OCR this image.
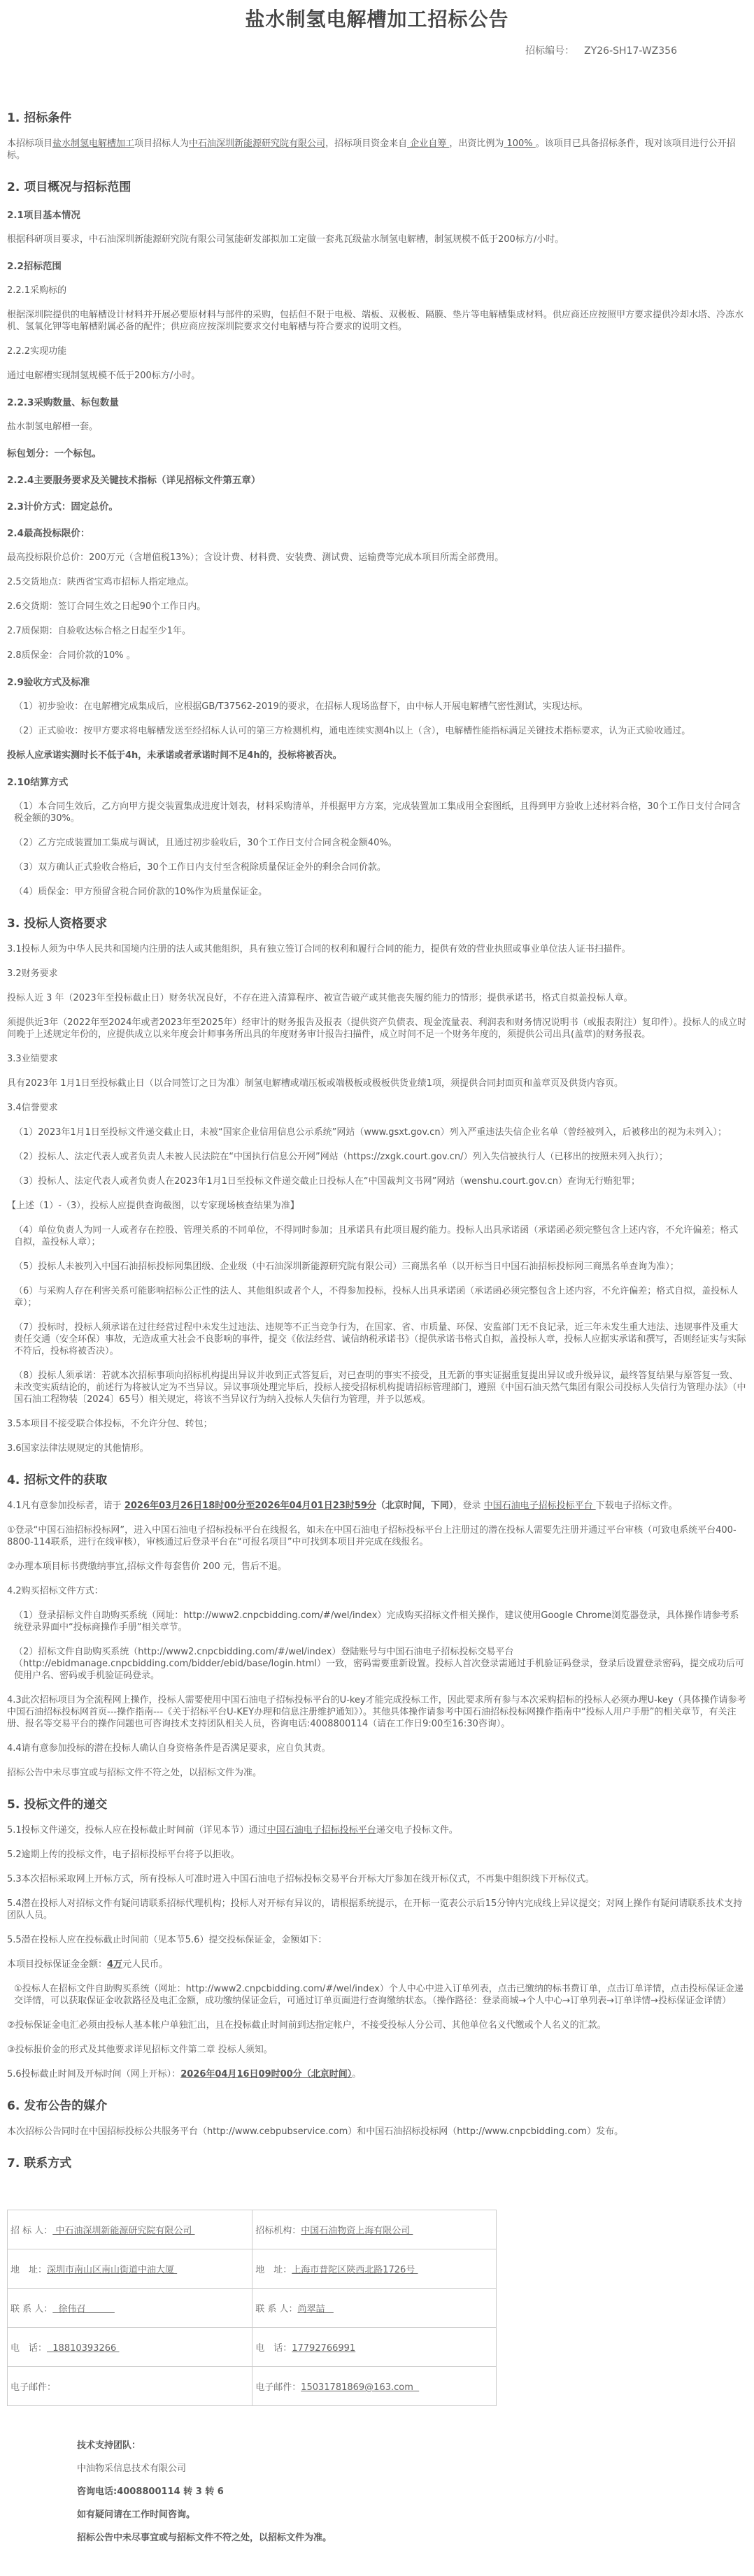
盐水制氢电解槽加工招标公告
招标编号： ZY26-SH17-WZ356
1. 招标条件

本招标项目盐水制氢电解槽加工项目招标人为中石油深圳新能源研究院有限公司，招标项目资金来自 企业自筹 ，出资比例为 100% 。该项目已具备招标条件，现对该项目进行公开招标。

2. 项目概况与招标范围
2.1项目基本情况

根据科研项目要求，中石油深圳新能源研究院有限公司氢能研发部拟加工定做一套兆瓦级盐水制氢电解槽，制氢规模不低于200标方/小时。

2.2招标范围

2.2.1采购标的

根据深圳院提供的电解槽设计材料并开展必要原材料与部件的采购，包括但不限于电极、端板、双极板、隔膜、垫片等电解槽集成材料。供应商还应按照甲方要求提供冷却水塔、冷冻水机、氢氧化钾等电解槽附属必备的配件；供应商应按深圳院要求交付电解槽与符合要求的说明文档。

2.2.2实现功能

通过电解槽实现制氢规模不低于200标方/小时。

2.2.3采购数量、标包数量

盐水制氢电解槽一套。

标包划分：一个标包。
2.2.4主要服务要求及关键技术指标（详见招标文件第五章）
2.3计价方式：固定总价。
2.4最高投标限价：

最高投标限价总价：200万元（含增值税13%）；含设计费、材料费、安装费、测试费、运输费等完成本项目所需全部费用。

2.5交货地点：陕西省宝鸡市招标人指定地点。

2.6交货期：签订合同生效之日起90个工作日内。

2.7质保期：自验收达标合格之日起至少1年。

2.8质保金：合同价款的10% 。

2.9验收方式及标准

（1）初步验收：在电解槽完成集成后，应根据GB/T37562-2019的要求，在招标人现场监督下，由中标人开展电解槽气密性测试，实现达标。

（2）正式验收：按甲方要求将电解槽发送至经招标人认可的第三方检测机构，通电连续实测4h以上（含），电解槽性能指标满足关键技术指标要求，认为正式验收通过。

投标人应承诺实测时长不低于4h，未承诺或者承诺时间不足4h的，投标将被否决。

2.10结算方式

（1）本合同生效后，乙方向甲方提交装置集成进度计划表，材料采购清单，并根据甲方方案，完成装置加工集成用全套图纸，且得到甲方验收上述材料合格，30个工作日支付合同含税金额的30%。

（2）乙方完成装置加工集成与调试，且通过初步验收后，30个工作日支付合同含税金额40%。

（3）双方确认正式验收合格后，30个工作日内支付至含税除质量保证金外的剩余合同价款。

（4）质保金：甲方预留含税合同价款的10%作为质量保证金。

3. 投标人资格要求

3.1投标人须为中华人民共和国境内注册的法人或其他组织，具有独立签订合同的权利和履行合同的能力，提供有效的营业执照或事业单位法人证书扫描件。

3.2财务要求

投标人近 3 年（2023年至投标截止日）财务状况良好，不存在进入清算程序、被宣告破产或其他丧失履约能力的情形；提供承诺书，格式自拟盖投标人章。

须提供近3年（2022年至2024年或者2023年至2025年）经审计的财务报告及报表（提供资产负债表、现金流量表、利润表和财务情况说明书（或报表附注）复印件）。投标人的成立时间晚于上述规定年份的，应提供成立以来年度会计师事务所出具的年度财务审计报告扫描件，成立时间不足一个财务年度的，须提供公司出具(盖章)的财务报表。

3.3业绩要求

具有2023年 1月1日至投标截止日（以合同签订之日为准）制氢电解槽或端压板或端极板或极板供货业绩1项，须提供合同封面页和盖章页及供货内容页。

3.4信誉要求

（1）2023年1月1日至投标文件递交截止日，未被“国家企业信用信息公示系统”网站（www.gsxt.gov.cn）列入严重违法失信企业名单（曾经被列入，后被移出的视为未列入）；

（2）投标人、法定代表人或者负责人未被人民法院在“中国执行信息公开网”网站（https://zxgk.court.gov.cn/）列入失信被执行人（已移出的按照未列入执行）；

（3）投标人、法定代表人或者负责人在2023年1月1日至投标文件递交截止日投标人在“中国裁判文书网”网站（wenshu.court.gov.cn）查询无行贿犯罪；

【上述（1）-（3），投标人应提供查询截图，以专家现场核查结果为准】

（4）单位负责人为同一人或者存在控股、管理关系的不同单位，不得同时参加；且承诺具有此项目履约能力。投标人出具承诺函（承诺函必须完整包含上述内容，不允许偏差；格式自拟，盖投标人章）；

（5）投标人未被列入中国石油招标投标网集团级、企业级（中石油深圳新能源研究院有限公司）三商黑名单（以开标当日中国石油招标投标网三商黑名单查询为准）；

（6）与采购人存在利害关系可能影响招标公正性的法人、其他组织或者个人，不得参加投标，投标人出具承诺函（承诺函必须完整包含上述内容，不允许偏差；格式自拟，盖投标人章）；

（7）投标时，投标人须承诺在过往经营过程中未发生过违法、违规等不正当竞争行为，在国家、省、市质量、环保、安监部门无不良记录，近三年未发生重大违法、违规事件及重大责任交通（安全环保）事故，无造成重大社会不良影响的事件，提交《依法经营、诚信纳税承诺书》（提供承诺书格式自拟，盖投标人章，投标人应据实承诺和撰写，否则经证实与实际不符后，投标将被否决）。

（8）投标人须承诺：若就本次招标事项向招标机构提出异议并收到正式答复后，对已查明的事实不接受，且无新的事实证据重复提出异议或升级异议，最终答复结果与原答复一致、未改变实质结论的，前述行为将被认定为不当异议。异议事项处理完毕后，投标人接受招标机构提请招标管理部门，遵照《中国石油天然气集团有限公司投标人失信行为管理办法》（中国石油工程物装〔2024〕65号）相关规定，将该不当异议行为纳入投标人失信行为管理，并予以惩戒。

3.5本项目不接受联合体投标，不允许分包、转包；

3.6国家法律法规规定的其他情形。

4. 招标文件的获取

4.1凡有意参加投标者，请于 2026年03月26日18时00分至2026年04月01日23时59分（北京时间，下同），登录 中国石油电子招标投标平台 下载电子招标文件。

①登录“中国石油招标投标网”，进入中国石油电子招标投标平台在线报名，如未在中国石油电子招标投标平台上注册过的潜在投标人需要先注册并通过平台审核（可致电系统平台400-8800-114联系，进行在线审核），审核通过后登录平台在“可报名项目”中可找到本项目并完成在线报名。

②办理本项目标书费缴纳事宜,招标文件每套售价 200 元，售后不退。

4.2购买招标文件方式：

（1）登录招标文件自助购买系统（网址：http://www2.cnpcbidding.com/#/wel/index）完成购买招标文件相关操作，建议使用Google Chrome浏览器登录，具体操作请参考系统登录界面中“投标商操作手册”相关章节。

（2）招标文件自助购买系统（http://www2.cnpcbidding.com/#/wel/index）登陆账号与中国石油电子招标投标交易平台（http://ebidmanage.cnpcbidding.com/bidder/ebid/base/login.html）一致，密码需要重新设置。投标人首次登录需通过手机验证码登录，登录后设置登录密码，提交成功后可使用户名、密码或手机验证码登录。

4.3此次招标项目为全流程网上操作，投标人需要使用中国石油电子招标投标平台的U-key才能完成投标工作，因此要求所有参与本次采购招标的投标人必须办理U-key（具体操作请参考中国石油招标投标网首页---操作指南---《关于招标平台U-KEY办理和信息注册维护通知》）。其他具体操作请参考中国石油招标投标网操作指南中“投标人用户手册”的相关章节，有关注册、报名等交易平台的操作问题也可咨询技术支持团队相关人员，咨询电话:4008800114（请在工作日9:00至16:30咨询）。

4.4请有意参加投标的潜在投标人确认自身资格条件是否满足要求，应自负其责。

招标公告中未尽事宜或与招标文件不符之处，以招标文件为准。

5. 投标文件的递交

5.1投标文件递交，投标人应在投标截止时间前（详见本节）通过中国石油电子招标投标平台递交电子投标文件。

5.2逾期上传的投标文件，电子招标投标平台将予以拒收。

5.3本次招标采取网上开标方式，所有投标人可准时进入中国石油电子招标投标交易平台开标大厅参加在线开标仪式，不再集中组织线下开标仪式。

5.4潜在投标人对招标文件有疑问请联系招标代理机构；投标人对开标有异议的，请根据系统提示，在开标一览表公示后15分钟内完成线上异议提交；对网上操作有疑问请联系技术支持团队人员。

5.5潜在投标人应在投标截止时间前（见本节5.6）提交投标保证金，金额如下：

本项目投标保证金金额：4万元人民币。

①投标人在招标文件自助购买系统（网址：http://www2.cnpcbidding.com/#/wel/index）个人中心中进入订单列表，点击已缴纳的标书费订单，点击订单详情，点击投标保证金递交详情，可以获取保证金收款路径及电汇金额，成功缴纳保证金后，可通过订单页面进行查询缴纳状态。（操作路径：登录商城→个人中心→订单列表→订单详情→投标保证金详情）

②投标保证金电汇必须由投标人基本帐户单独汇出，且在投标截止时间前到达指定帐户，不接受投标人分公司、其他单位名义代缴或个人名义的汇款。

③投标报价金的形式及其他要求详见招标文件第二章 投标人须知。

5.6投标截止时间及开标时间（网上开标）：2026年04月16日09时00分（北京时间）。

6. 发布公告的媒介

本次招标公告同时在中国招标投标公共服务平台（http://www.cebpubservice.com）和中国石油招标投标网（http://www.cnpcbidding.com）发布。

7. 联系方式
招 标 人： 中石油深圳新能源研究院有限公司	招标机构：中国石油物资上海有限公司
地　址：深圳市南山区南山街道中油大厦	地　址：上海市普陀区陕西北路1726号
联 系 人：  徐伟召	联 系 人：尚翠喆
电　话：  18810393266	电　话：17792766991
电子邮件：	电子邮件：15031781869@163.com

技术支持团队：

中油物采信息技术有限公司

咨询电话:4008800114 转 3 转 6

如有疑问请在工作时间咨询。

招标公告中未尽事宜或与招标文件不符之处，以招标文件为准。
